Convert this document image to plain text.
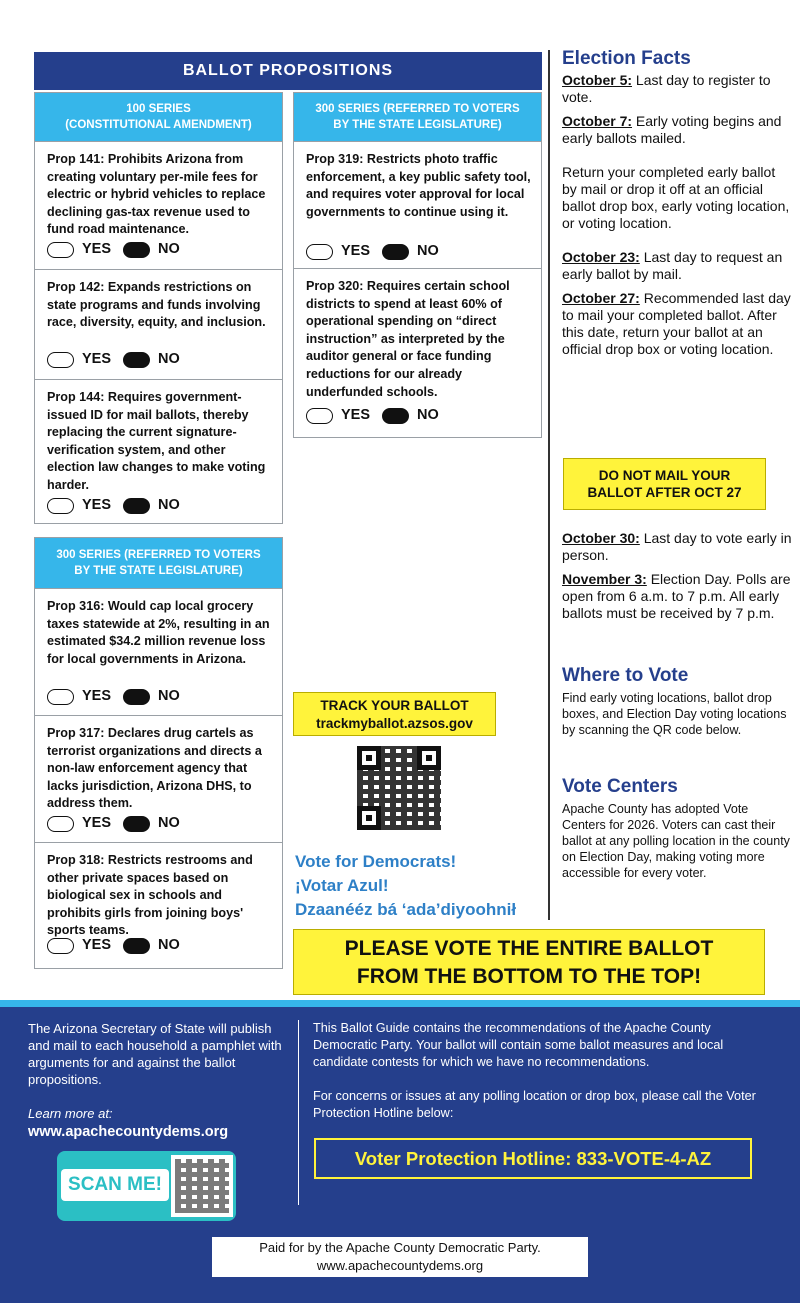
BALLOT PROPOSITIONS
100 SERIES
(CONSTITUTIONAL AMENDMENT)
Prop 141: Prohibits Arizona from creating voluntary per-mile fees for electric or hybrid vehicles to replace declining gas-tax revenue used to fund road maintenance.
YES	NO
Prop 142: Expands restrictions on state programs and funds involving race, diversity, equity, and inclusion.
YES	NO
Prop 144: Requires government-issued ID for mail ballots, thereby replacing the current signature-verification system, and other election law changes to make voting harder.
YES	NO
300 SERIES (REFERRED TO VOTERS
BY THE STATE LEGISLATURE)
Prop 316: Would cap local grocery taxes statewide at 2%, resulting in an estimated $34.2 million revenue loss for local governments in Arizona.
YES	NO
Prop 317: Declares drug cartels as terrorist organizations and directs a non-law enforcement agency that lacks jurisdiction, Arizona DHS, to address them.
YES	NO
Prop 318: Restricts restrooms and other private spaces based on biological sex in schools and prohibits girls from joining boys' sports teams.
YES	NO
300 SERIES (REFERRED TO VOTERS
BY THE STATE LEGISLATURE)
Prop 319: Restricts photo traffic enforcement, a key public safety tool, and requires voter approval for local governments to continue using it.
YES	NO
Prop 320: Requires certain school districts to spend at least 60% of operational spending on “direct instruction” as interpreted by the auditor general or face funding reductions for our already underfunded schools.
YES	NO
TRACK YOUR BALLOT
trackmyballot.azsos.gov
Vote for Democrats!
¡Votar Azul!
Dzaanééz bá ‘ada’diyoohnił
Election Facts
October 5: Last day to register to vote.
October 7: Early voting begins and early ballots mailed.
Return your completed early ballot by mail or drop it off at an official ballot drop box, early voting location, or voting location.
October 23: Last day to request an early ballot by mail.
October 27: Recommended last day to mail your completed ballot. After this date, return your ballot at an official drop box or voting location.
DO NOT MAIL YOUR
BALLOT AFTER OCT 27
October 30: Last day to vote early in person.
November 3: Election Day. Polls are open from 6 a.m. to 7 p.m. All early ballots must be received by 7 p.m.
Where to Vote
Find early voting locations, ballot drop boxes, and Election Day voting locations by scanning the QR code below.
Vote Centers
Apache County has adopted Vote Centers for 2026. Voters can cast their ballot at any polling location in the county on Election Day, making voting more accessible for every voter.
PLEASE VOTE THE ENTIRE BALLOT
FROM THE BOTTOM TO THE TOP!
The Arizona Secretary of State will publish and mail to each household a pamphlet with arguments for and against the ballot propositions.
Learn more at:
www.apachecountydems.org
SCAN ME!
This Ballot Guide contains the recommendations of the Apache County Democratic Party. Your ballot will contain some ballot measures and local candidate contests for which we have no recommendations.
For concerns or issues at any polling location or drop box, please call the Voter Protection Hotline below:
Voter Protection Hotline: 833-VOTE-4-AZ
Paid for by the Apache County Democratic Party.
www.apachecountydems.org
